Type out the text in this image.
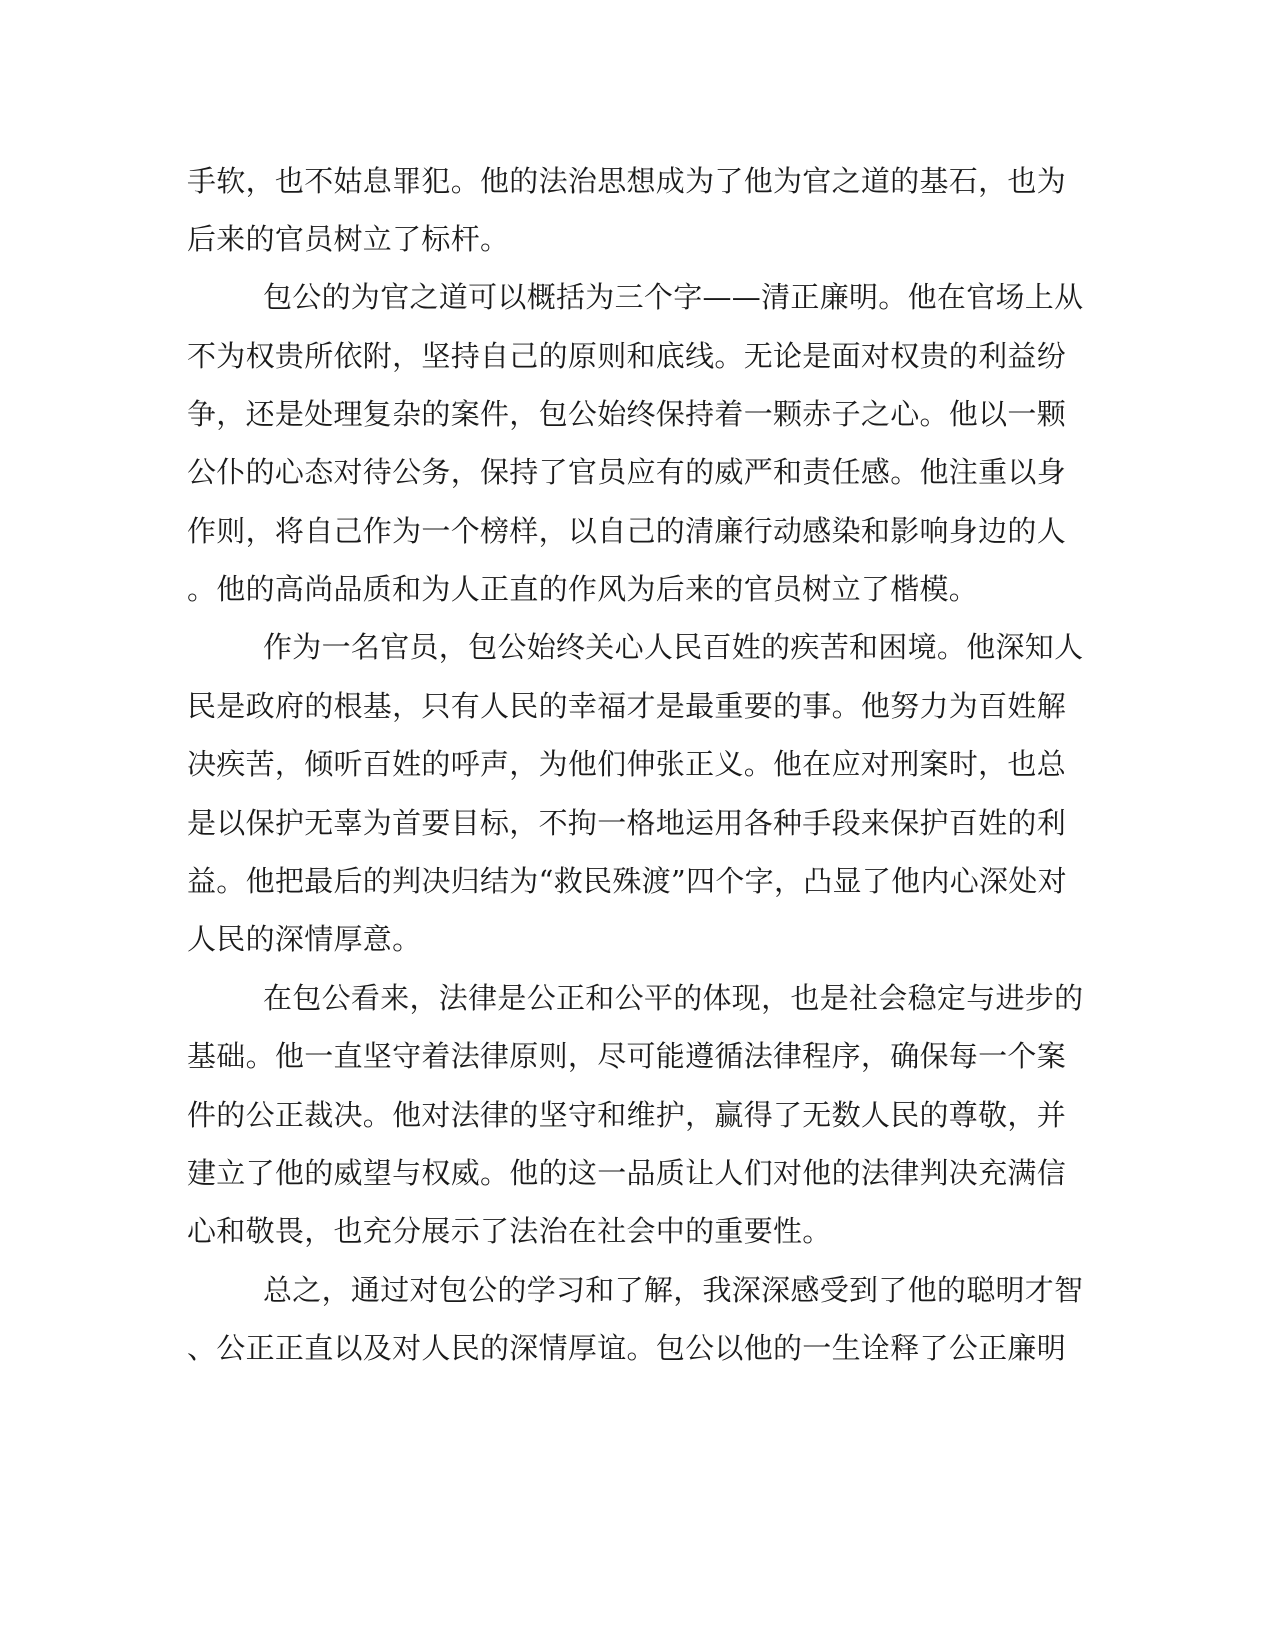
手软，也不姑息罪犯。他的法治思想成为了他为官之道的基石，也为

后来的官员树立了标杆。

包公的为官之道可以概括为三个字——清正廉明。他在官场上从

不为权贵所依附，坚持自己的原则和底线。无论是面对权贵的利益纷

争，还是处理复杂的案件，包公始终保持着一颗赤子之心。他以一颗

公仆的心态对待公务，保持了官员应有的威严和责任感。他注重以身

作则，将自己作为一个榜样，以自己的清廉行动感染和影响身边的人

。他的高尚品质和为人正直的作风为后来的官员树立了楷模。

作为一名官员，包公始终关心人民百姓的疾苦和困境。他深知人

民是政府的根基，只有人民的幸福才是最重要的事。他努力为百姓解

决疾苦，倾听百姓的呼声，为他们伸张正义。他在应对刑案时，也总

是以保护无辜为首要目标，不拘一格地运用各种手段来保护百姓的利

益。他把最后的判决归结为“救民殊渡”四个字，凸显了他内心深处对

人民的深情厚意。

在包公看来，法律是公正和公平的体现，也是社会稳定与进步的

基础。他一直坚守着法律原则，尽可能遵循法律程序，确保每一个案

件的公正裁决。他对法律的坚守和维护，赢得了无数人民的尊敬，并

建立了他的威望与权威。他的这一品质让人们对他的法律判决充满信

心和敬畏，也充分展示了法治在社会中的重要性。

总之，通过对包公的学习和了解，我深深感受到了他的聪明才智

、公正正直以及对人民的深情厚谊。包公以他的一生诠释了公正廉明
